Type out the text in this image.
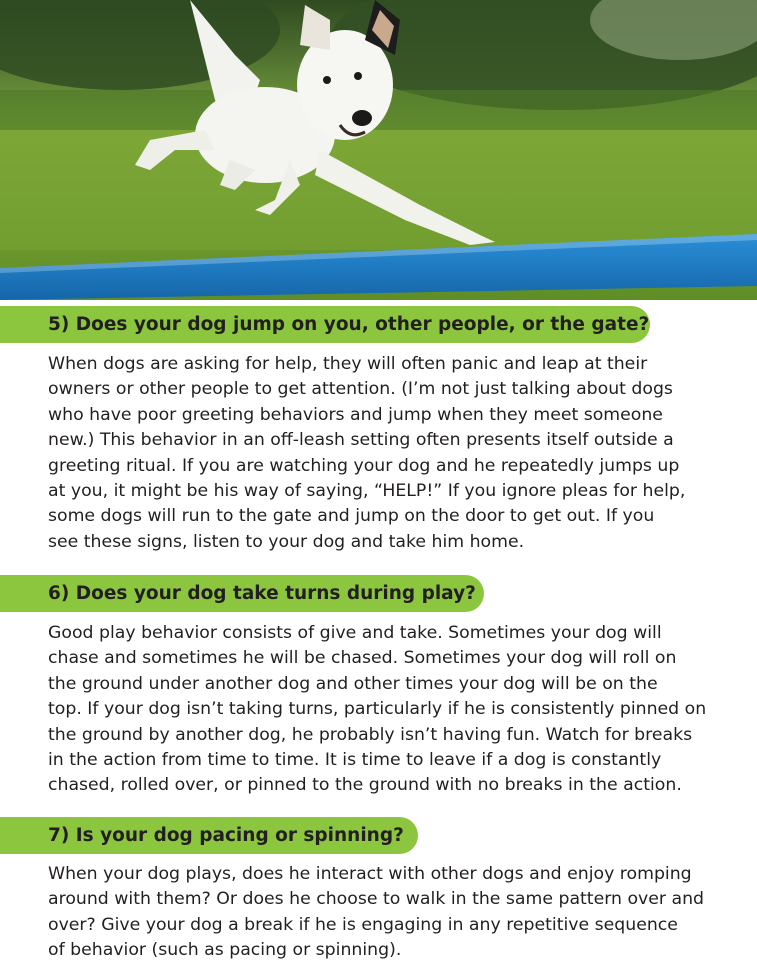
5) Does your dog jump on you, other people, or the gate?
When dogs are asking for help, they will often panic and leap at their
owners or other people to get attention. (I’m not just talking about dogs
who have poor greeting behaviors and jump when they meet someone
new.) This behavior in an off-leash setting often presents itself outside a
greeting ritual. If you are watching your dog and he repeatedly jumps up
at you, it might be his way of saying, “HELP!” If you ignore pleas for help,
some dogs will run to the gate and jump on the door to get out. If you
see these signs, listen to your dog and take him home.
6) Does your dog take turns during play?
Good play behavior consists of give and take. Sometimes your dog will
chase and sometimes he will be chased. Sometimes your dog will roll on
the ground under another dog and other times your dog will be on the
top. If your dog isn’t taking turns, particularly if he is consistently pinned on
the ground by another dog, he probably isn’t having fun. Watch for breaks
in the action from time to time. It is time to leave if a dog is constantly
chased, rolled over, or pinned to the ground with no breaks in the action.
7) Is your dog pacing or spinning?
When your dog plays, does he interact with other dogs and enjoy romping
around with them? Or does he choose to walk in the same pattern over and
over? Give your dog a break if he is engaging in any repetitive sequence
of behavior (such as pacing or spinning).
